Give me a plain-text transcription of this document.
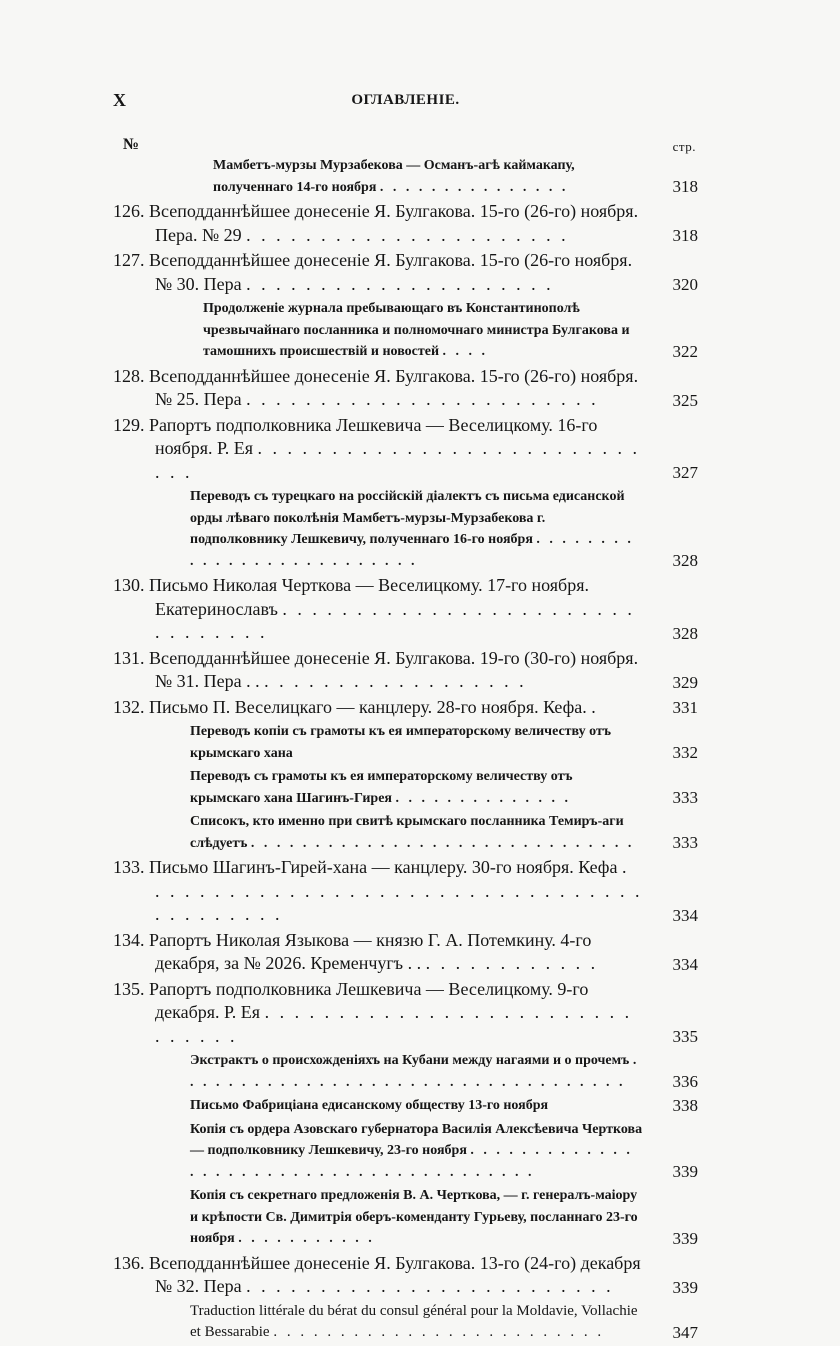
X	ОГЛАВЛЕНІЕ.
№	стр.
Мамбетъ-мурзы Мурзабекова — Османъ-агѣ каймакапу, полученнаго 14-го ноября . . . . . . . . . . . . . . .	318
126. Всеподданнѣйшее донесеніе Я. Булгакова. 15-го (26-го) ноября. Пера. № 29 . . . . . . . . . . . . . . . . . . . . . .	318
127. Всеподданнѣйшее донесеніе Я. Булгакова. 15-го (26-го ноября. № 30. Пера . . . . . . . . . . . . . . . . . . . . .	320
Продолженіе журнала пребывающаго въ Константинополѣ чрезвычайнаго посланника и полномочнаго министра Булгакова и тамошнихъ происшествій и новостей . . . .	322
128. Всеподданнѣйшее донесеніе Я. Булгакова. 15-го (26-го) ноября. № 25. Пера . . . . . . . . . . . . . . . . . . . . . . . .	325
129. Рапортъ подполковника Лешкевича — Веселицкому. 16-го ноября. Р. Ея . . . . . . . . . . . . . . . . . . . . . . . . . . . . .	327
Переводъ съ турецкаго на россійскій діалектъ съ письма едисанской орды лѣваго поколѣнія Мамбетъ-мурзы-Мурзабекова г. подполковнику Лешкевичу, полученнаго 16-го ноября . . . . . . . . . . . . . . . . . . . . . . . . . .	328
130. Письмо Николая Черткова — Веселицкому. 17-го ноября. Екатеринославъ . . . . . . . . . . . . . . . . . . . . . . . . . . . . . . . .	328
131. Всеподданнѣйшее донесеніе Я. Булгакова. 19-го (30-го) ноября. № 31. Пера . . . . . . . . . . . . . . . . . . . .	329
132. Письмо П. Веселицкаго — канцлеру. 28-го ноября. Кефа. .	331
Переводъ копіи съ грамоты къ ея императорскому величеству отъ крымскаго хана	332
Переводъ съ грамоты къ ея императорскому величеству отъ крымскаго хана Шагинъ-Гирея . . . . . . . . . . . . . .	333
Списокъ, кто именно при свитѣ крымскаго посланника Темиръ-аги слѣдуетъ . . . . . . . . . . . . . . . . . . . . . . . . . . . . . . 333
133. Письмо Шагинъ-Гирей-хана — канцлеру. 30-го ноября. Кефа . . . . . . . . . . . . . . . . . . . . . . . . . . . . . . . . . . . . . . . . . . .	334
134. Рапортъ Николая Языкова — князю Г. А. Потемкину. 4-го декабря, за № 2026. Кременчугъ . . . . . . . . . . . . . .	334
135. Рапортъ подполковника Лешкевича — Веселицкому. 9-го декабря. Р. Ея . . . . . . . . . . . . . . . . . . . . . . . . . . . . . . .	335
Экстрактъ о происхожденіяхъ на Кубани между нагаями и о прочемъ . . . . . . . . . . . . . . . . . . . . . . . . . . . . . . . . . . .	336
Письмо Фабриціана едисанскому обществу 13-го ноября	338
Копія съ ордера Азовскаго губернатора Василія Алексѣевича Черткова — подполковнику Лешкевичу, 23-го ноября . . . . . . . . . . . . . . . . . . . . . . . . . . . . . . . . . . . . . . . .	339
Копія съ секретнаго предложенія В. А. Черткова, — г. генералъ-маіору и крѣпости Св. Димитрія оберъ-коменданту Гурьеву, посланнаго 23-го ноября . . . . . . . . . . .	339
136. Всеподданнѣйшее донесеніе Я. Булгакова. 13-го (24-го) декабря № 32. Пера . . . . . . . . . . . . . . . . . . . . . . . . .	339
Traduction littérale du bérat du consul général pour la Moldavie, Vollachie et Bessarabie . . . . . . . . . . . . . . . . . . . . . . . . .	347
